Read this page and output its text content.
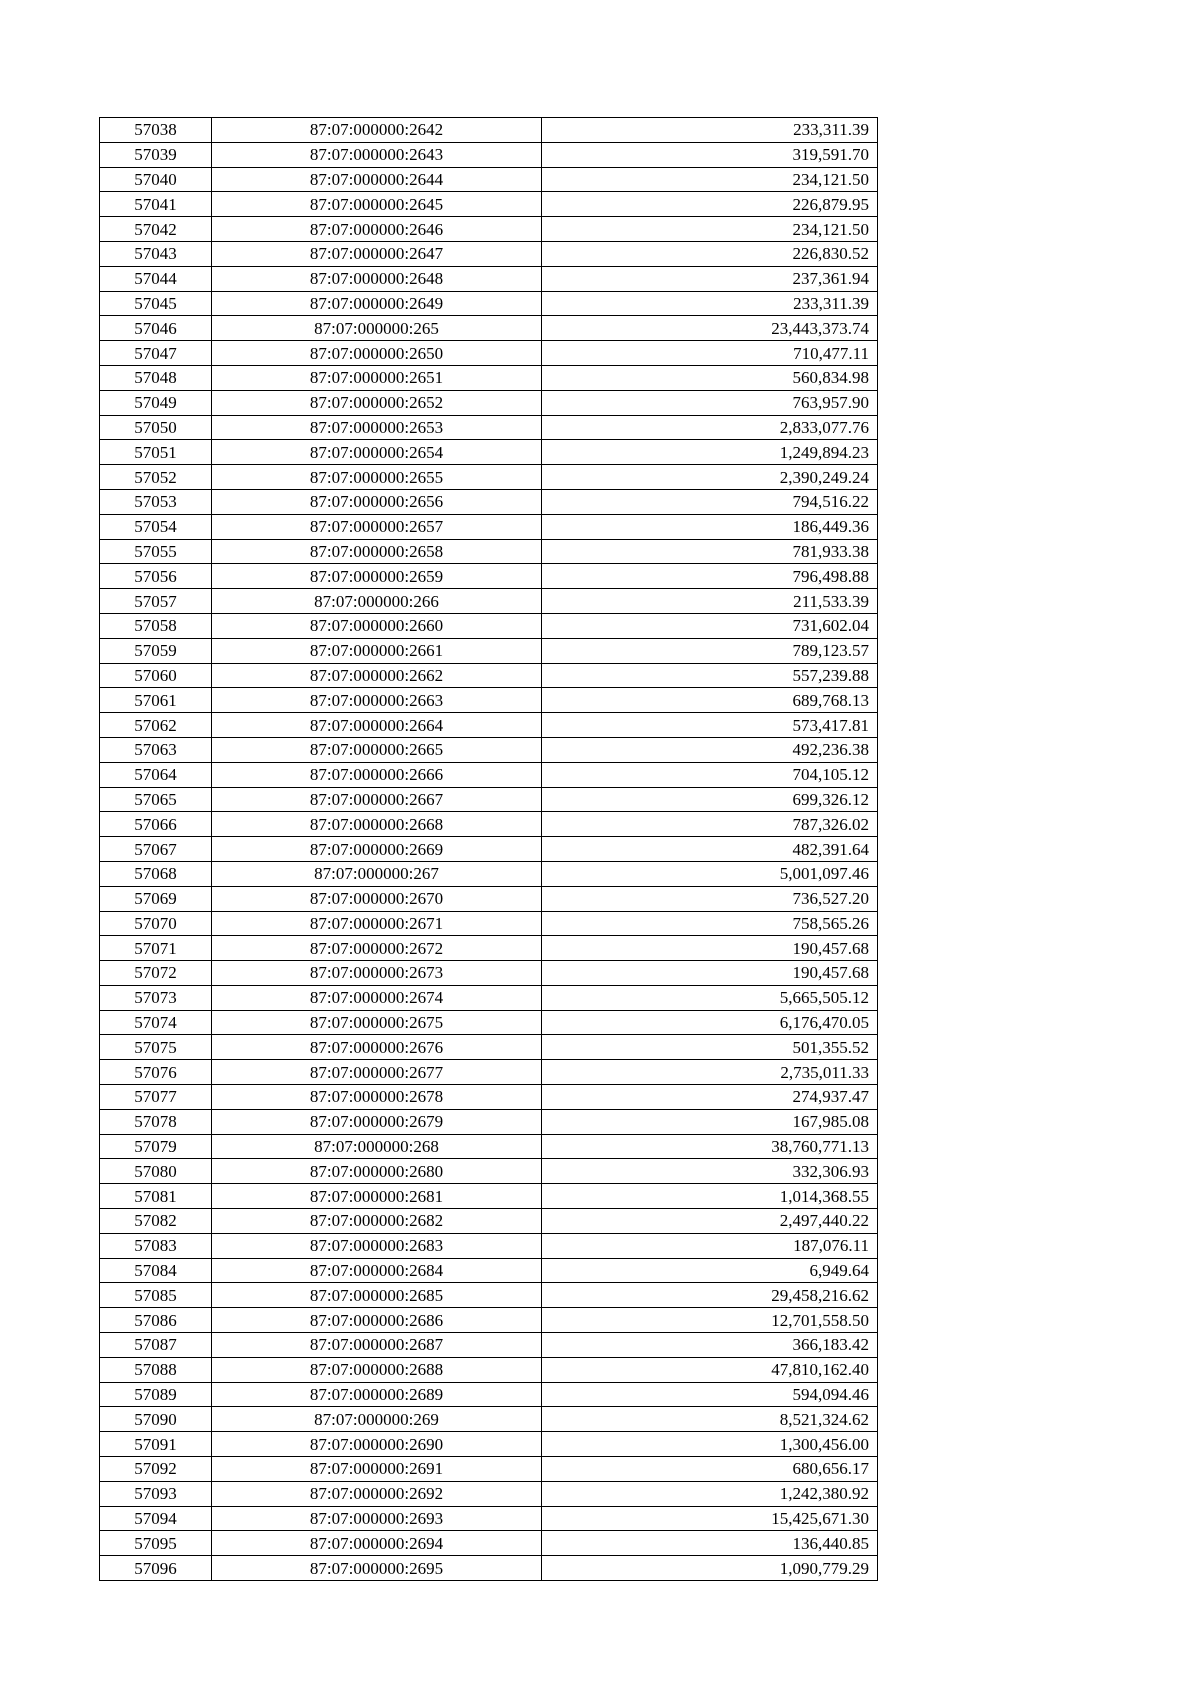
57038	87:07:000000:2642	233,311.39
57039	87:07:000000:2643	319,591.70
57040	87:07:000000:2644	234,121.50
57041	87:07:000000:2645	226,879.95
57042	87:07:000000:2646	234,121.50
57043	87:07:000000:2647	226,830.52
57044	87:07:000000:2648	237,361.94
57045	87:07:000000:2649	233,311.39
57046	87:07:000000:265	23,443,373.74
57047	87:07:000000:2650	710,477.11
57048	87:07:000000:2651	560,834.98
57049	87:07:000000:2652	763,957.90
57050	87:07:000000:2653	2,833,077.76
57051	87:07:000000:2654	1,249,894.23
57052	87:07:000000:2655	2,390,249.24
57053	87:07:000000:2656	794,516.22
57054	87:07:000000:2657	186,449.36
57055	87:07:000000:2658	781,933.38
57056	87:07:000000:2659	796,498.88
57057	87:07:000000:266	211,533.39
57058	87:07:000000:2660	731,602.04
57059	87:07:000000:2661	789,123.57
57060	87:07:000000:2662	557,239.88
57061	87:07:000000:2663	689,768.13
57062	87:07:000000:2664	573,417.81
57063	87:07:000000:2665	492,236.38
57064	87:07:000000:2666	704,105.12
57065	87:07:000000:2667	699,326.12
57066	87:07:000000:2668	787,326.02
57067	87:07:000000:2669	482,391.64
57068	87:07:000000:267	5,001,097.46
57069	87:07:000000:2670	736,527.20
57070	87:07:000000:2671	758,565.26
57071	87:07:000000:2672	190,457.68
57072	87:07:000000:2673	190,457.68
57073	87:07:000000:2674	5,665,505.12
57074	87:07:000000:2675	6,176,470.05
57075	87:07:000000:2676	501,355.52
57076	87:07:000000:2677	2,735,011.33
57077	87:07:000000:2678	274,937.47
57078	87:07:000000:2679	167,985.08
57079	87:07:000000:268	38,760,771.13
57080	87:07:000000:2680	332,306.93
57081	87:07:000000:2681	1,014,368.55
57082	87:07:000000:2682	2,497,440.22
57083	87:07:000000:2683	187,076.11
57084	87:07:000000:2684	6,949.64
57085	87:07:000000:2685	29,458,216.62
57086	87:07:000000:2686	12,701,558.50
57087	87:07:000000:2687	366,183.42
57088	87:07:000000:2688	47,810,162.40
57089	87:07:000000:2689	594,094.46
57090	87:07:000000:269	8,521,324.62
57091	87:07:000000:2690	1,300,456.00
57092	87:07:000000:2691	680,656.17
57093	87:07:000000:2692	1,242,380.92
57094	87:07:000000:2693	15,425,671.30
57095	87:07:000000:2694	136,440.85
57096	87:07:000000:2695	1,090,779.29
